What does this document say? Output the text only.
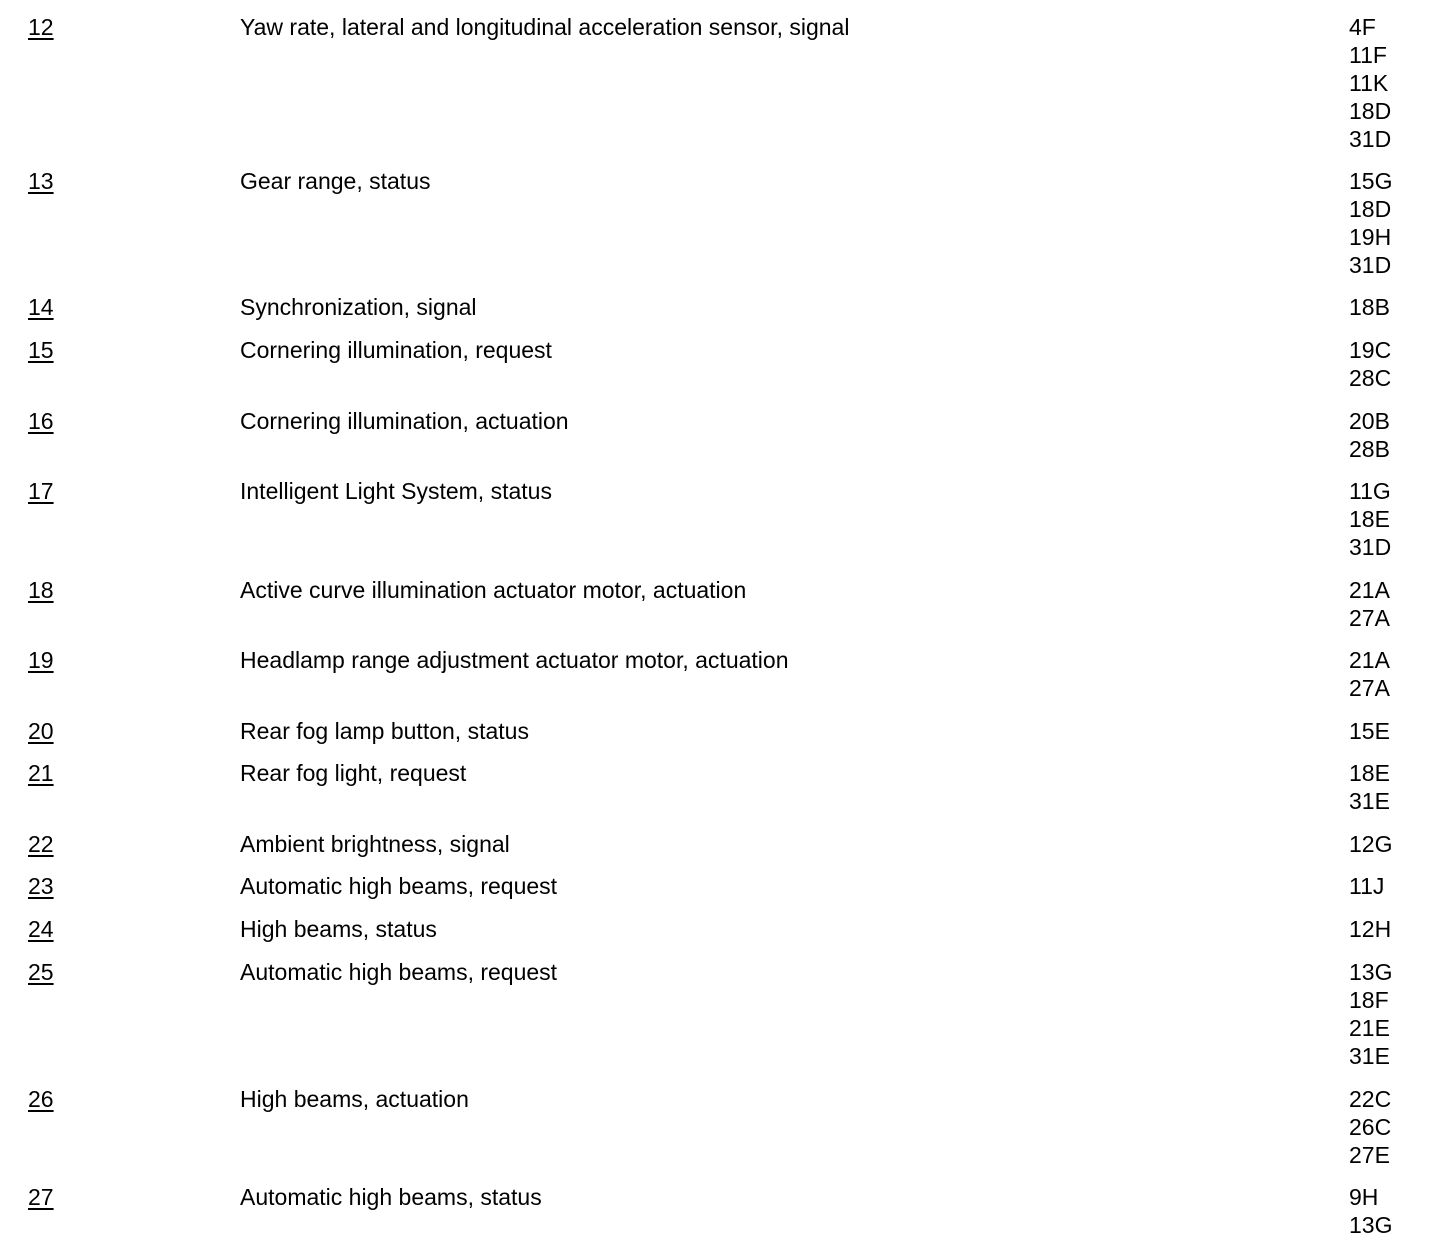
12	Yaw rate, lateral and longitudinal acceleration sensor, signal	4F
11F
11K
18D
31D
13	Gear range, status	15G
18D
19H
31D
14	Synchronization, signal	18B
15	Cornering illumination, request	19C
28C
16	Cornering illumination, actuation	20B
28B
17	Intelligent Light System, status	11G
18E
31D
18	Active curve illumination actuator motor, actuation	21A
27A
19	Headlamp range adjustment actuator motor, actuation	21A
27A
20	Rear fog lamp button, status	15E
21	Rear fog light, request	18E
31E
22	Ambient brightness, signal	12G
23	Automatic high beams, request	11J
24	High beams, status	12H
25	Automatic high beams, request	13G
18F
21E
31E
26	High beams, actuation	22C
26C
27E
27	Automatic high beams, status	9H
13G
